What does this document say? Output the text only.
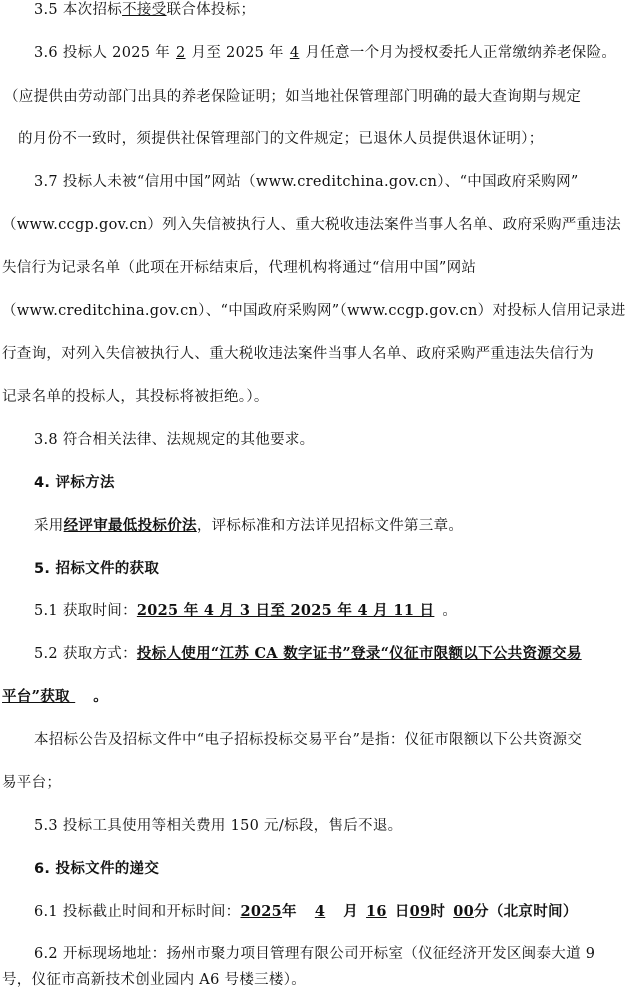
3.5 本次招标不接受联合体投标；
3.6 投标人 2025 年 2 月至 2025 年 4 月任意一个月为授权委托人正常缴纳养老保险。
（应提供由劳动部门出具的养老保险证明；如当地社保管理部门明确的最大查询期与规定
的月份不一致时，须提供社保管理部门的文件规定；已退休人员提供退休证明）；
3.7 投标人未被“信用中国”网站（www.creditchina.gov.cn）、“中国政府采购网”
（www.ccgp.gov.cn）列入失信被执行人、重大税收违法案件当事人名单、政府采购严重违法
失信行为记录名单（此项在开标结束后，代理机构将通过“信用中国”网站
（www.creditchina.gov.cn）、“中国政府采购网”（www.ccgp.gov.cn）对投标人信用记录进
行查询，对列入失信被执行人、重大税收违法案件当事人名单、政府采购严重违法失信行为
记录名单的投标人，其投标将被拒绝。）。
3.8 符合相关法律、法规规定的其他要求。
4. 评标方法
采用经评审最低投标价法，评标标准和方法详见招标文件第三章。
5. 招标文件的获取
5.1 获取时间：2025 年 4 月 3 日至 2025 年 4 月 11 日 。
5.2 获取方式：投标人使用“江苏 CA 数字证书”登录“仪征市限额以下公共资源交易
平台”获取 。
本招标公告及招标文件中“电子招标投标交易平台”是指：仪征市限额以下公共资源交
易平台；
5.3 投标工具使用等相关费用 150 元/标段，售后不退。
6. 投标文件的递交
6.1 投标截止时间和开标时间：2025年 4 月 16 日09时 00分（北京时间）
6.2 开标现场地址：扬州市聚力项目管理有限公司开标室（仪征经济开发区闽泰大道 9
号，仪征市高新技术创业园内 A6 号楼三楼）。
